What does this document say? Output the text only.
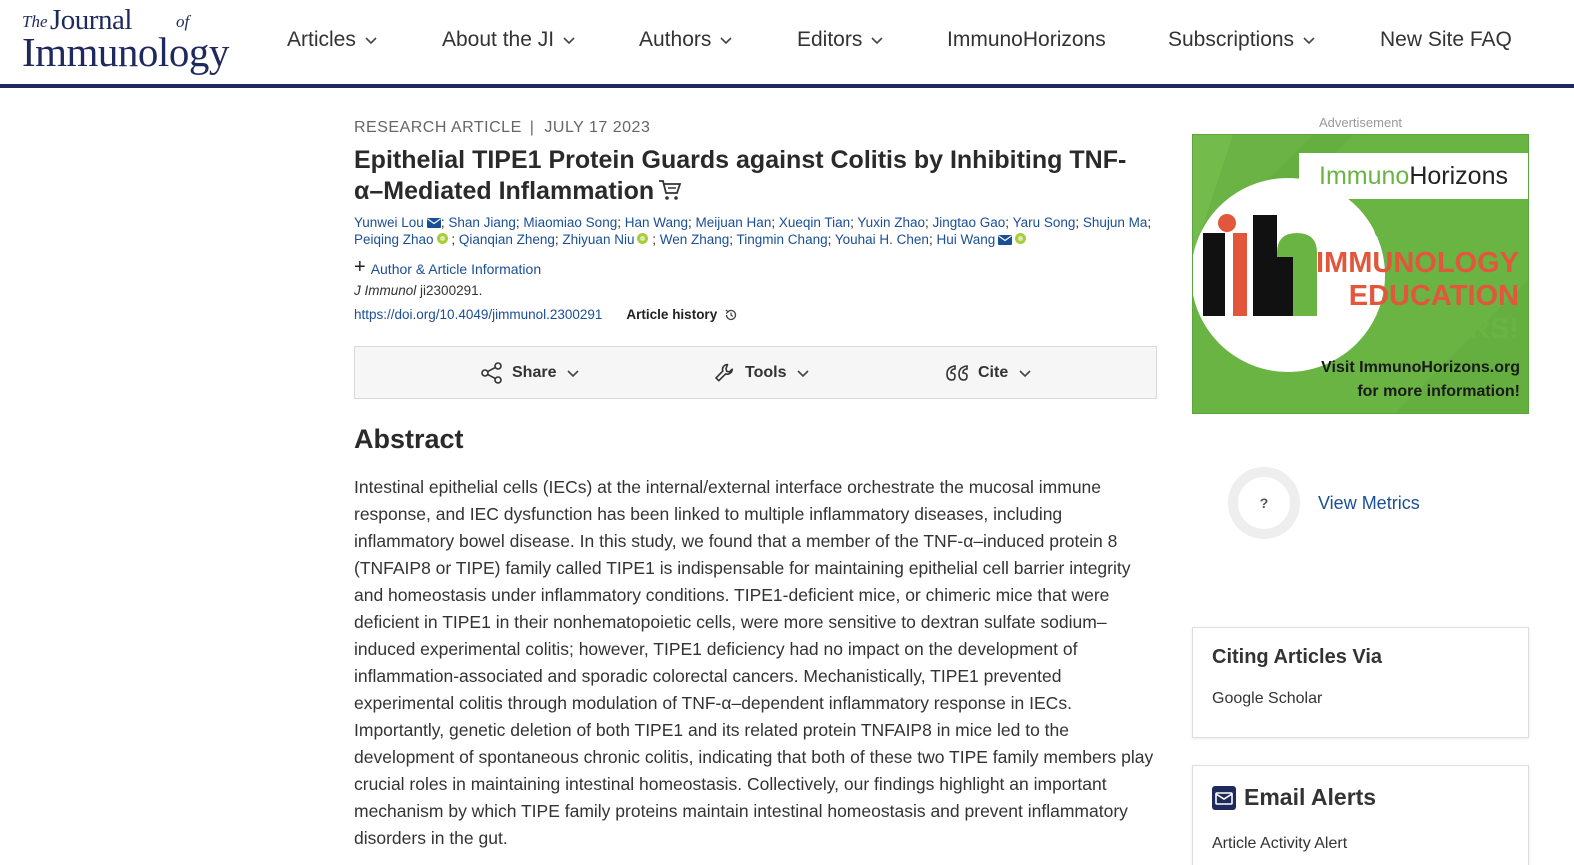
The Journal	of
Immunology	Articles	About the JI	Authors	Editors	ImmunoHorizons	Subscriptions	New Site FAQ
RESEARCH ARTICLE | JULY 17 2023
Epithelial TIPE1 Protein Guards against Colitis by Inhibiting TNF-α–Mediated Inflammation
Yunwei Lou ; Shan Jiang; Miaomiao Song; Han Wang; Meijuan Han; Xueqin Tian; Yuxin Zhao; Jingtao Gao; Yaru Song; Shujun Ma; Peiqing Zhao ; Qianqian Zheng; Zhiyuan Niu ; Wen Zhang; Tingmin Chang; Youhai H. Chen; Hui Wang
+ Author & Article Information
J Immunol ji2300291.
https://doi.org/10.4049/jimmunol.2300291 Article history
Share	Tools	Cite
Abstract

Intestinal epithelial cells (IECs) at the internal/external interface orchestrate the mucosal immune response, and IEC dysfunction has been linked to multiple inflammatory diseases, including inflammatory bowel disease. In this study, we found that a member of the TNF-α–induced protein 8 (TNFAIP8 or TIPE) family called TIPE1 is indispensable for maintaining epithelial cell barrier integrity and homeostasis under inflammatory conditions. TIPE1-deficient mice, or chimeric mice that were deficient in TIPE1 in their nonhematopoietic cells, were more sensitive to dextran sulfate sodium–induced experimental colitis; however, TIPE1 deficiency had no impact on the development of inflammation-associated and sporadic colorectal cancers. Mechanistically, TIPE1 prevented experimental colitis through modulation of TNF-α–dependent inflammatory response in IECs. Importantly, genetic deletion of both TIPE1 and its related protein TNFAIP8 in mice led to the development of spontaneous chronic colitis, indicating that both of these two TIPE family members play crucial roles in maintaining intestinal homeostasis. Collectively, our findings highlight an important mechanism by which TIPE family proteins maintain intestinal homeostasis and prevent inflammatory disorders in the gut.

Advertisement
Immuno Horizons
CALL FOR
IMMUNOLOGY
EDUCATION
PAPERS!
Visit ImmunoHorizons.org
for more information!
?	View Metrics
Citing Articles Via
Google Scholar
Email Alerts
Article Activity Alert
